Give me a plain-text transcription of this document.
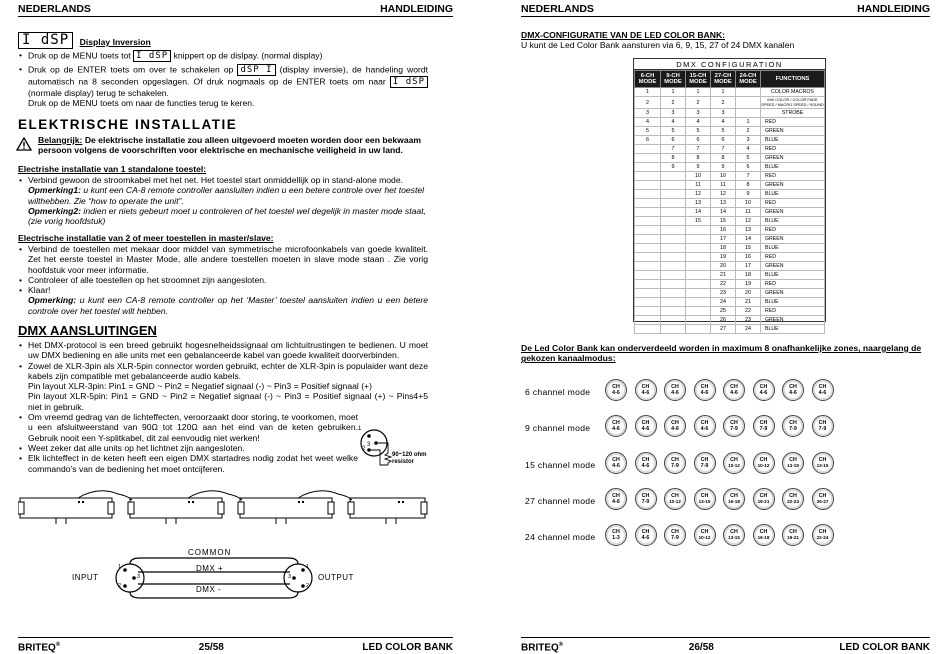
NEDERLANDS	HANDLEIDING
I dSP Display Inversion
• Druk op de MENU toets tot I dSP knippert op de dislpay. (normal display)
• Druk op de ENTER toets om over te schakelen op dSP I (display inversie), de handeling wordt automatisch na 8 seconden opgeslagen. Of druk nogmaals op de ENTER toets om naar I dSP (normale display) terug te schakelen.
Druk op de MENU toets om naar de functies terug te keren.
ELEKTRISCHE INSTALLATIE
Belangrijk: De elektrische installatie zou alleen uitgevoerd moeten worden door een bekwaam persoon volgens de voorschriften voor elektrische en mechanische veiligheid in uw land.
Electrishe installatie van 1 standalone toestel:
• Verbind gewoon de stroomkabel met het net. Het toestel start onmiddellijk op in stand-alone mode.
Opmerking1: u kunt een CA-8 remote controller aansluiten indien u een betere controle over het toestel wilthebben. Zie “how to operate the unit”.
Opmerking2: indien er niets gebeurt moet u controleren of het toestel wel degelijk in master mode staat, (zie vorig hoofdstuk)
Electrische installatie van 2 of meer toestellen in master/slave:
• Verbind de toestellen met mekaar door middel van symmetrische microfoonkabels van goede kwaliteit. Zet het eerste toestel in Master Mode, alle andere toestellen moeten in slave mode staan . Zie vorig hoofdstuk voor meer informatie.
• Controleer of alle toestellen op het stroomnet zijn aangesloten.
• Klaar!
Opmerking: u kunt een CA-8 remote controller op het ‘Master’ toestel aansluiten indien u een betere controle over het toestel wilt hebben.
DMX AANSLUITINGEN
• Het DMX-protocol is een breed gebruikt hogesnelheidssignaal om lichtuitrustingen te bedienen. U moet uw DMX bediening en alle units met een gebalanceerde kabel van goede kwaliteit doorverbinden.
• Zowel de XLR-3pin als XLR-5pin connector worden gebruikt, echter de XLR-3pin is populaider want deze kabels zijn compatible met gebalanceerde audio kabels.
Pin layout XLR-3pin: Pin1 = GND ~ Pin2 = Negatief signaal (-) ~ Pin3 = Positief signaal (+)
Pin layout XLR-5pin: Pin1 = GND ~ Pin2 = Negatief signaal (-) ~ Pin3 = Positief signaal (+) ~ Pins4+5 niet in gebruik.
• Om vreemd gedrag van de lichteffecten, veroorzaakt door storing, te voorkomen, moet u een afsluitweerstand van 90Ω tot 120Ω aan het eind van de keten gebruiken. Gebruik nooit een Y-splitkabel, dit zal eenvoudig niet werken!
• Weet zeker dat alle units op het lichtnet zijn aangesloten.
• Elk lichteffect in de keten heeft een eigen DMX startadres nodig zodat het weet welke commando’s van de bediening het moet ontcijferen.
1
3
2
90~120 ohm resistor
COMMON
INPUT	OUTPUT
DMX +
DMX -
1
3
2
1
3
2
BRITEQ®	25/58	LED COLOR BANK
NEDERLANDS	HANDLEIDING
DMX-CONFIGURATIE VAN DE LED COLOR BANK:
U kunt de Led Color Bank aansturen via 6, 9, 15, 27 of 24 DMX kanalen
DMX CONFIGURATION
6-CH MODE	9-CH MODE	15-CH MODE	27-CH MODE	24-CH MODE	FUNCTIONS
1	1	1	1		COLOR MACROS
2	2	2	2		MIX COLOR / COLOR FADE SPEED / MACRO SPEED / SOUND
3	3	3	3		STROBE
4	4	4	4	1	RED
5	5	5	5	2	GREEN
6	6	6	6	3	BLUE
	7	7	7	4	RED
	8	8	8	5	GREEN
	9	9	9	6	BLUE
		10	10	7	RED
		11	11	8	GREEN
		12	12	9	BLUE
		13	13	10	RED
		14	14	11	GREEN
		15	15	12	BLUE
			16	13	RED
			17	14	GREEN
			18	15	BLUE
			19	16	RED
			20	17	GREEN
			21	18	BLUE
			22	19	RED
			23	20	GREEN
			24	21	BLUE
			25	22	RED
			26	23	GREEN
			27	24	BLUE
De Led Color Bank kan onderverdeeld worden in maximum 8 onafhankelijke zones, naargelang de gekozen kanaalmodus:
6 channel mode	CH
4-6
CH
4-6
CH
4-6
CH
4-6
CH
4-6
CH
4-6
CH
4-6
CH
4-6
9 channel mode	CH
4-6
CH
4-6
CH
4-6
CH
4-6
CH
7-9
CH
7-9
CH
7-9
CH
7-9
15 channel mode	CH
4-6
CH
4-6
CH
7-9
CH
7-9
CH
10-12
CH
10-12
CH
13-15
CH
13-15
27 channel mode	CH
4-6
CH
7-9
CH
10-12
CH
13-15
CH
16-18
CH
19-21
CH
22-24
CH
25-27
24 channel mode	CH
1-3
CH
4-6
CH
7-9
CH
10-12
CH
13-15
CH
16-18
CH
19-21
CH
22-24
BRITEQ®	26/58	LED COLOR BANK
